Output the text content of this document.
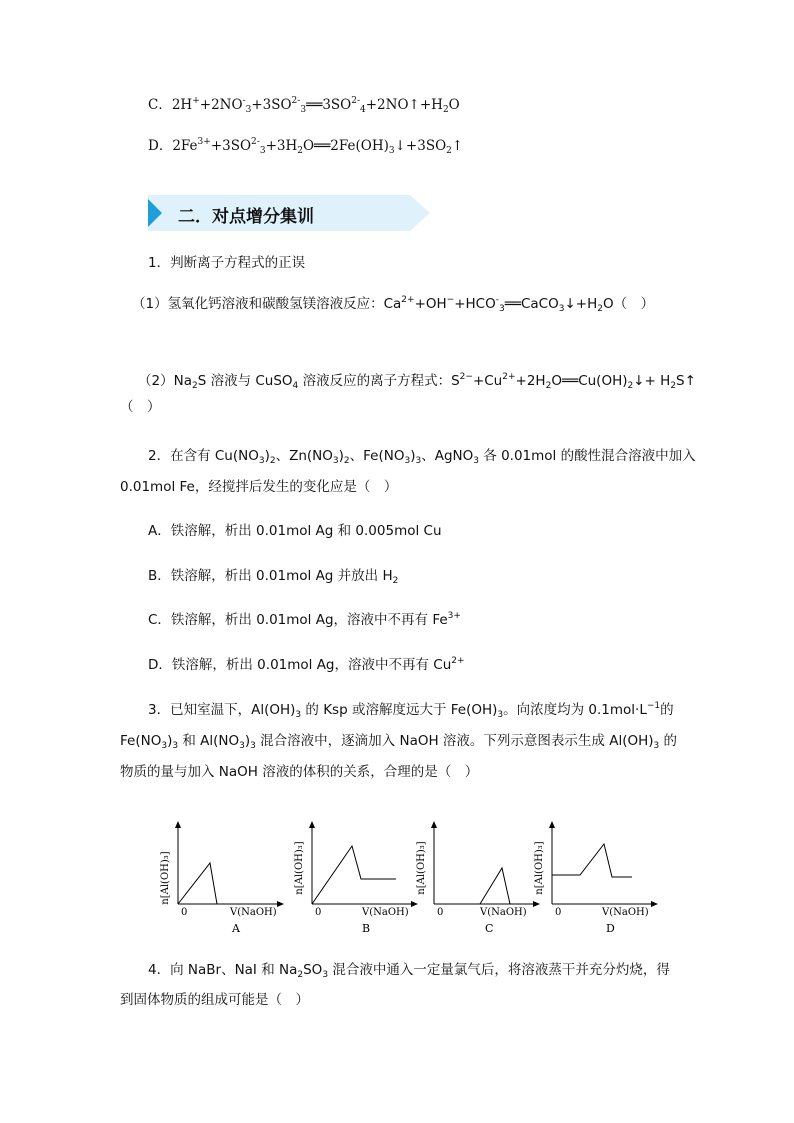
C．$2H^++2NO^-_3+3SO^{2-}_3══3SO^{2-}_4+2NO↑+H_2O$
D．$2Fe^{3+}+3SO^{2-}_3+3H_2O══2Fe(OH)_3↓+3SO_2↑$
二．对点增分集训
1．判断离子方程式的正误
（1）氢氧化钙溶液和碳酸氢镁溶液反应：$Ca^{2+}+OH^-+HCO^-_3══CaCO_3↓+H_2O$（　）
$(2)Na_2S$ 溶液与 CuSO$_4$ 溶液反应的离子方程式：$S^{2-}+Cu^{2+}+2H_2O══Cu(OH)_2↓+$ $H_2S↑$
（　）
2．在含有 $Cu(NO_3)_2$、$Zn(NO_3)_2$、$Fe(NO_3)_3$、AgNO$_3$ 各 0.01mol 的酸性混合溶液中加入
0.01mol Fe，经搅拌后发生的变化应是（　）
A．铁溶解，析出 0.01mol Ag 和 0.005mol Cu
B．铁溶解，析出 0.01mol Ag 并放出 $H_2$
C．铁溶解，析出 0.01mol Ag，溶液中不再有 $Fe^{3+}$
D．铁溶解，析出 0.01mol Ag，溶液中不再有 $Cu^{2+}$
3．已知室温下，$Al(OH)_3$ 的 Ksp 或溶解度远大于 $Fe(OH)_3$。向浓度均为 $0.1mol\cdot L^{-1}$的
$Fe(NO_3)_3$ 和 $Al(NO_3)_3$ 混合溶液中，逐滴加入 NaOH 溶液。下列示意图表示生成 $Al(OH)_3$ 的
物质的量与加入 NaOH 溶液的体积的关系，合理的是（　）
n[Al(OH)₃]
0	V(NaOH)
A
n[Al(OH)₃]
0	V(NaOH)
B
n[Al(OH)₃]
0	V(NaOH)
C
n[Al(OH)₃]
0	V(NaOH)
D
4．向 NaBr、NaI 和 $Na_2SO_3$ 混合液中通入一定量氯气后，将溶液蒸干并充分灼烧，得
到固体物质的组成可能是（　）
